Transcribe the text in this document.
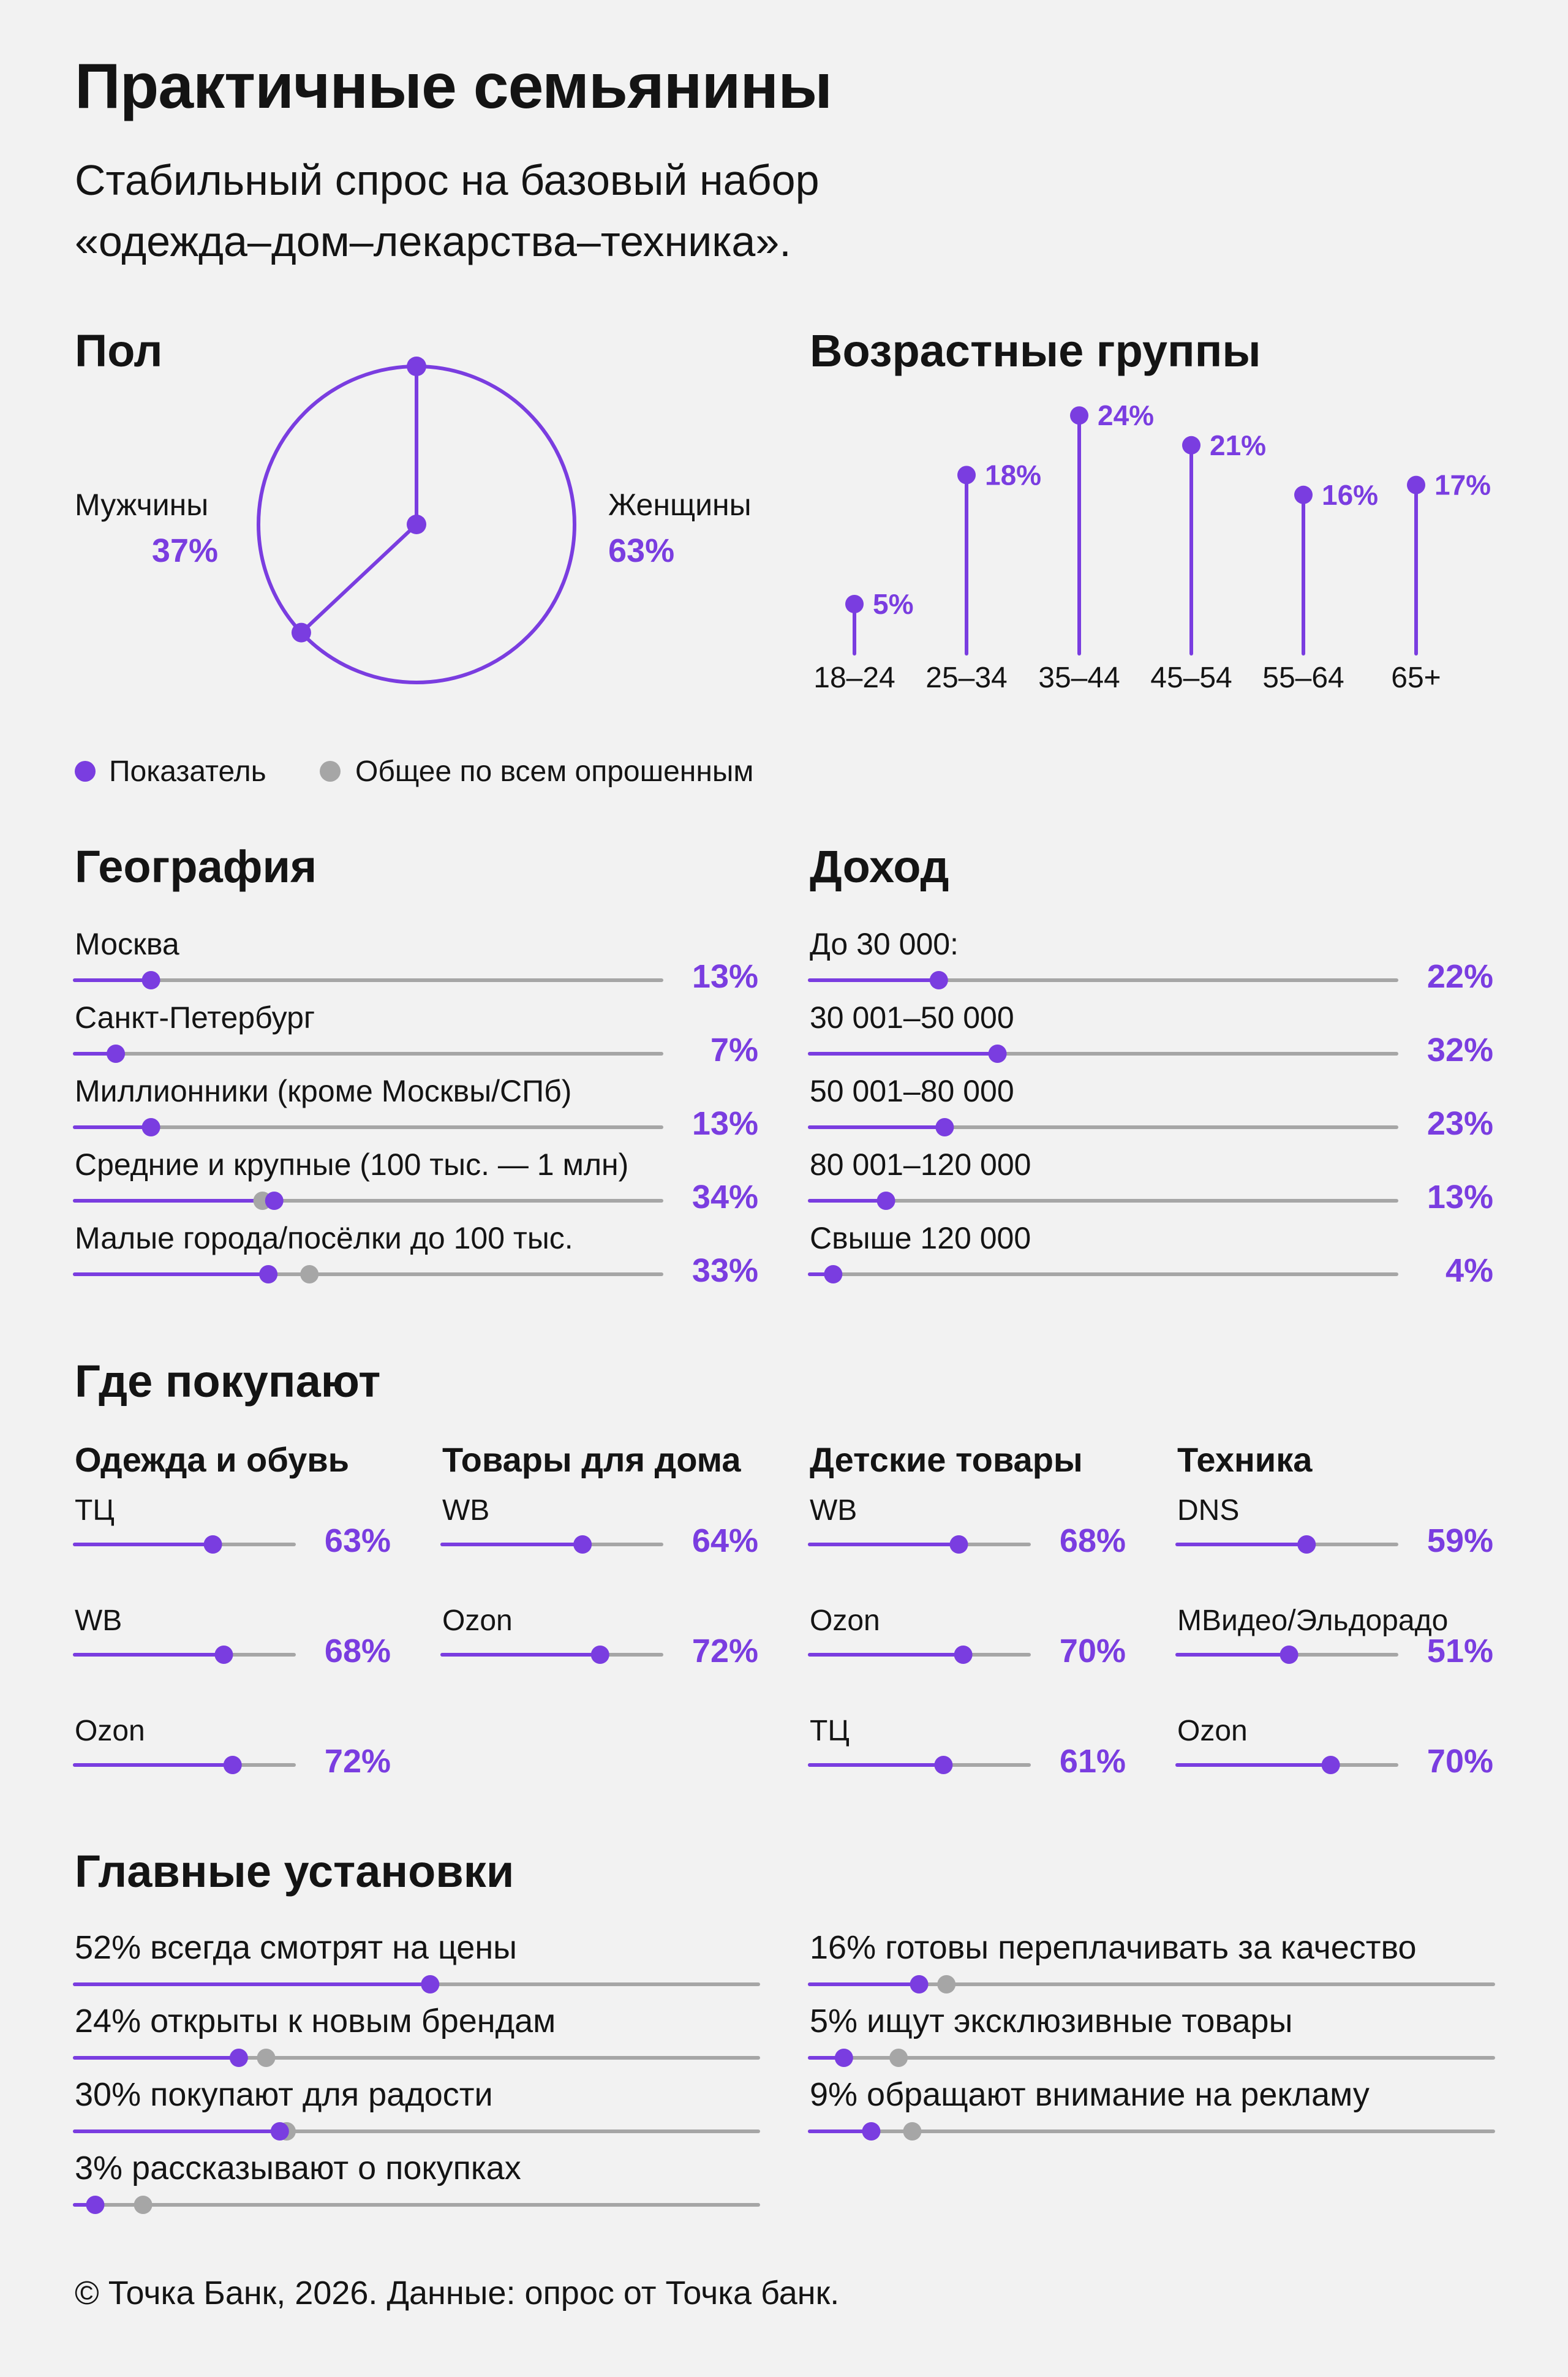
Практичные семьянины
Стабильный спрос на базовый набор
«одежда–дом–лекарства–техника».
Пол	Возрастные группы
География	Доход
Где покупают
Главные установки
Мужчины
37%
Женщины
63%
Показатель	Общее по всем опрошенным
© Точка Банк, 2026. Данные: опрос от Точка банк.
5%
18–24
18%
25–34
24%
35–44
21%
45–54
16%
55–64
17%
65+
Москва
13%
Санкт-Петербург
7%
Миллионники (кроме Москвы/СПб)
13%
Средние и крупные (100 тыс. — 1 млн)
34%
Малые города/посёлки до 100 тыс.
33%
До 30 000:
22%
30 001–50 000
32%
50 001–80 000
23%
80 001–120 000
13%
Свыше 120 000
4%
Одежда и обувь
ТЦ
63%
WB
68%
Ozon
72%
Товары для дома
WB
64%
Ozon
72%
Детские товары
WB
68%
Ozon
70%
ТЦ
61%
Техника
DNS
59%
МВидео/Эльдорадо
51%
Ozon
70%
52% всегда смотрят на цены
24% открыты к новым брендам
30% покупают для радости
3% рассказывают о покупках
16% готовы переплачивать за качество
5% ищут эксклюзивные товары
9% обращают внимание на рекламу
